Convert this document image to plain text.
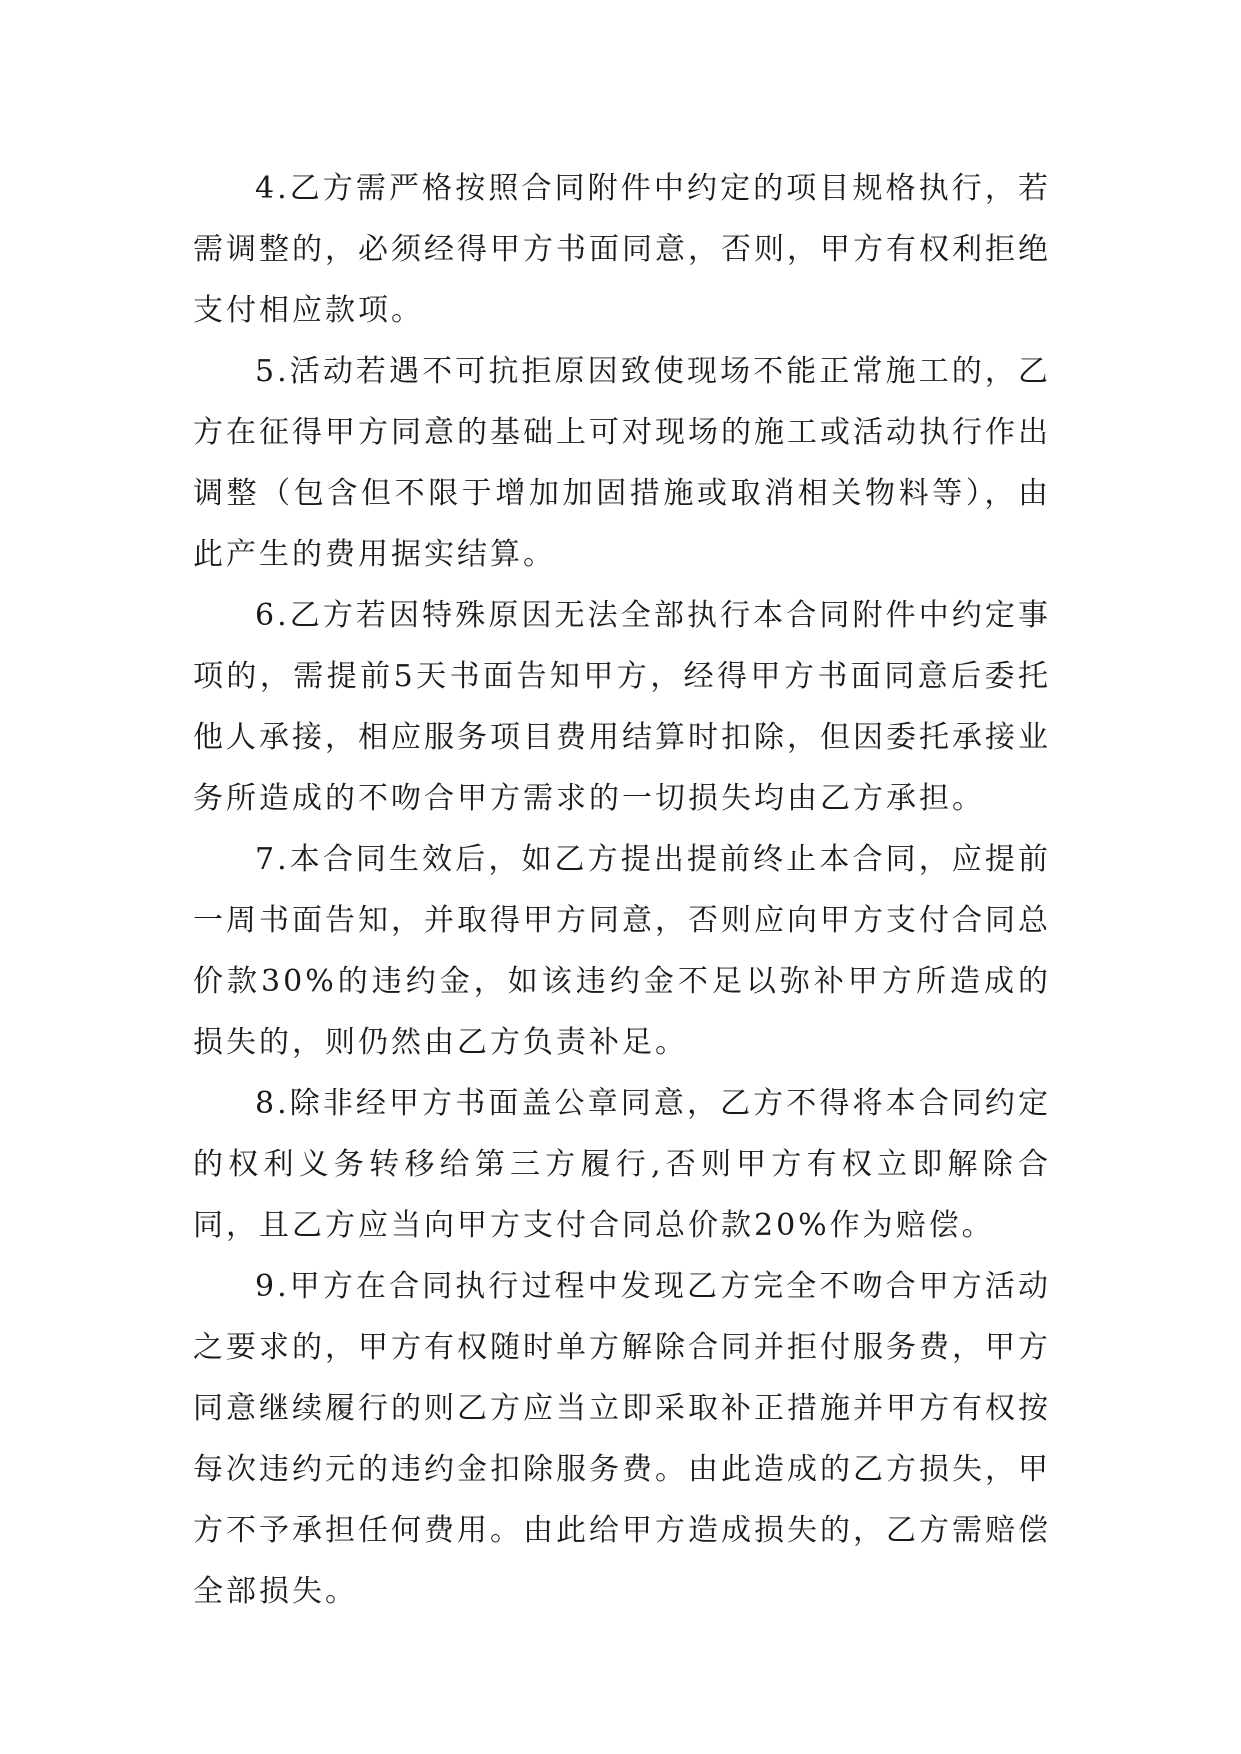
4.乙方需严格按照合同附件中约定的项目规格执行，若需调整的，必须经得甲方书面同意，否则，甲方有权利拒绝支付相应款项。

5.活动若遇不可抗拒原因致使现场不能正常施工的，乙方在征得甲方同意的基础上可对现场的施工或活动执行作出调整（包含但不限于增加加固措施或取消相关物料等），由此产生的费用据实结算。

6.乙方若因特殊原因无法全部执行本合同附件中约定事项的，需提前5天书面告知甲方，经得甲方书面同意后委托他人承接，相应服务项目费用结算时扣除，但因委托承接业务所造成的不吻合甲方需求的一切损失均由乙方承担。

7.本合同生效后，如乙方提出提前终止本合同，应提前一周书面告知，并取得甲方同意，否则应向甲方支付合同总价款30%的违约金，如该违约金不足以弥补甲方所造成的损失的，则仍然由乙方负责补足。

8.除非经甲方书面盖公章同意，乙方不得将本合同约定的权利义务转移给第三方履行,否则甲方有权立即解除合同，且乙方应当向甲方支付合同总价款20%作为赔偿。

9.甲方在合同执行过程中发现乙方完全不吻合甲方活动之要求的，甲方有权随时单方解除合同并拒付服务费，甲方同意继续履行的则乙方应当立即采取补正措施并甲方有权按每次违约元的违约金扣除服务费。由此造成的乙方损失，甲方不予承担任何费用。由此给甲方造成损失的，乙方需赔偿全部损失。
